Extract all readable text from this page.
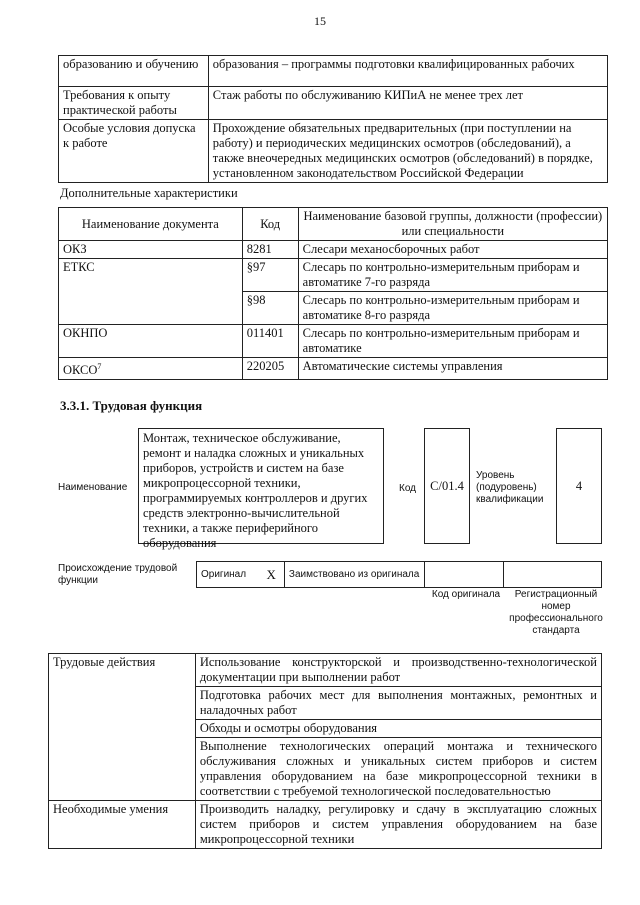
15
образованию и обучению	образования – программы подготовки квалифицированных рабочих
Требования к опыту практической работы	Стаж работы по обслуживанию КИПиА не менее трех лет
Особые условия допуска к работе	Прохождение обязательных предварительных (при поступлении на работу) и периодических медицинских осмотров (обследований), а также внеочередных медицинских осмотров (обследований) в порядке, установленном законодательством Российской Федерации
Дополнительные характеристики
Наименование документа	Код	Наименование базовой группы, должности (профессии) или специальности
ОКЗ	8281	Слесари механосборочных работ
ЕТКС	§97	Слесарь по контрольно-измерительным приборам и автоматике 7-го разряда
	§98	Слесарь по контрольно-измерительным приборам и автоматике 8-го разряда
ОКНПО	011401	Слесарь по контрольно-измерительным приборам и автоматике
ОКСО$^7$	220205	Автоматические системы управления
3.3.1. Трудовая функция
Наименование
Монтаж, техническое обслуживание, ремонт и наладка сложных и уникальных приборов, устройств и систем на базе микропроцессорной техники, программируемых контроллеров и других средств электронно-вычислительной техники, а также периферийного оборудования
Код C/01.4
Уровень (подуровень) квалификации
4
Происхождение трудовой функции
Оригинал	X	Заимствовано из оригинала		
Код оригинала	Регистрационный номер профессионального стандарта
Трудовые действия	Использование конструкторской и производственно-технологической документации при выполнении работ
	Подготовка рабочих мест для выполнения монтажных, ремонтных и наладочных работ
	Обходы и осмотры оборудования
	Выполнение технологических операций монтажа и технического обслуживания сложных и уникальных систем приборов и систем управления оборудованием на базе микропроцессорной техники в соответствии с требуемой технологической последовательностью
Необходимые умения	Производить наладку, регулировку и сдачу в эксплуатацию сложных систем приборов и систем управления оборудованием на базе микропроцессорной техники
